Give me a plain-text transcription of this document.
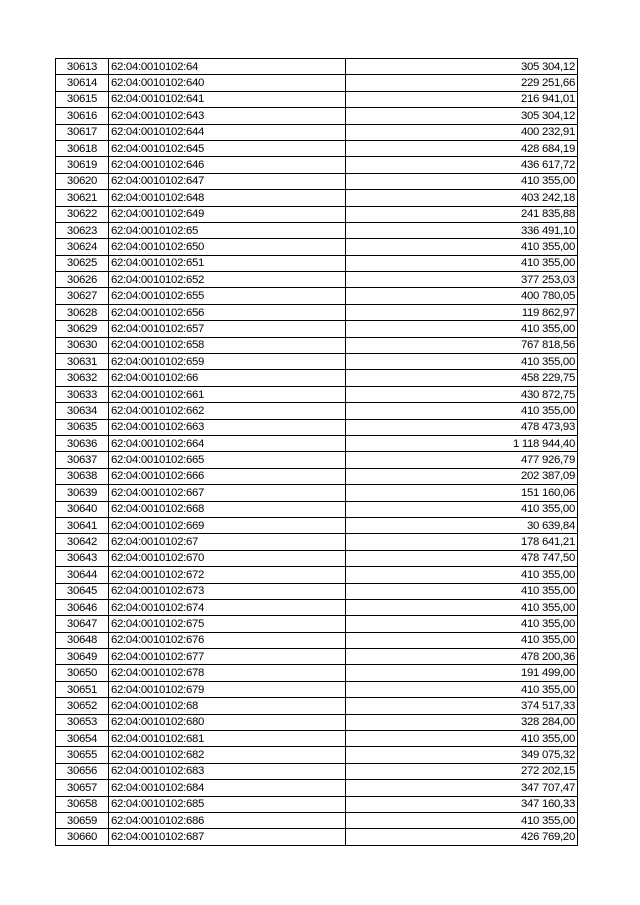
30613	62:04:0010102:64	305 304,12
30614	62:04:0010102:640	229 251,66
30615	62:04:0010102:641	216 941,01
30616	62:04:0010102:643	305 304,12
30617	62:04:0010102:644	400 232,91
30618	62:04:0010102:645	428 684,19
30619	62:04:0010102:646	436 617,72
30620	62:04:0010102:647	410 355,00
30621	62:04:0010102:648	403 242,18
30622	62:04:0010102:649	241 835,88
30623	62:04:0010102:65	336 491,10
30624	62:04:0010102:650	410 355,00
30625	62:04:0010102:651	410 355,00
30626	62:04:0010102:652	377 253,03
30627	62:04:0010102:655	400 780,05
30628	62:04:0010102:656	119 862,97
30629	62:04:0010102:657	410 355,00
30630	62:04:0010102:658	767 818,56
30631	62:04:0010102:659	410 355,00
30632	62:04:0010102:66	458 229,75
30633	62:04:0010102:661	430 872,75
30634	62:04:0010102:662	410 355,00
30635	62:04:0010102:663	478 473,93
30636	62:04:0010102:664	1 118 944,40
30637	62:04:0010102:665	477 926,79
30638	62:04:0010102:666	202 387,09
30639	62:04:0010102:667	151 160,06
30640	62:04:0010102:668	410 355,00
30641	62:04:0010102:669	30 639,84
30642	62:04:0010102:67	178 641,21
30643	62:04:0010102:670	478 747,50
30644	62:04:0010102:672	410 355,00
30645	62:04:0010102:673	410 355,00
30646	62:04:0010102:674	410 355,00
30647	62:04:0010102:675	410 355,00
30648	62:04:0010102:676	410 355,00
30649	62:04:0010102:677	478 200,36
30650	62:04:0010102:678	191 499,00
30651	62:04:0010102:679	410 355,00
30652	62:04:0010102:68	374 517,33
30653	62:04:0010102:680	328 284,00
30654	62:04:0010102:681	410 355,00
30655	62:04:0010102:682	349 075,32
30656	62:04:0010102:683	272 202,15
30657	62:04:0010102:684	347 707,47
30658	62:04:0010102:685	347 160,33
30659	62:04:0010102:686	410 355,00
30660	62:04:0010102:687	426 769,20
